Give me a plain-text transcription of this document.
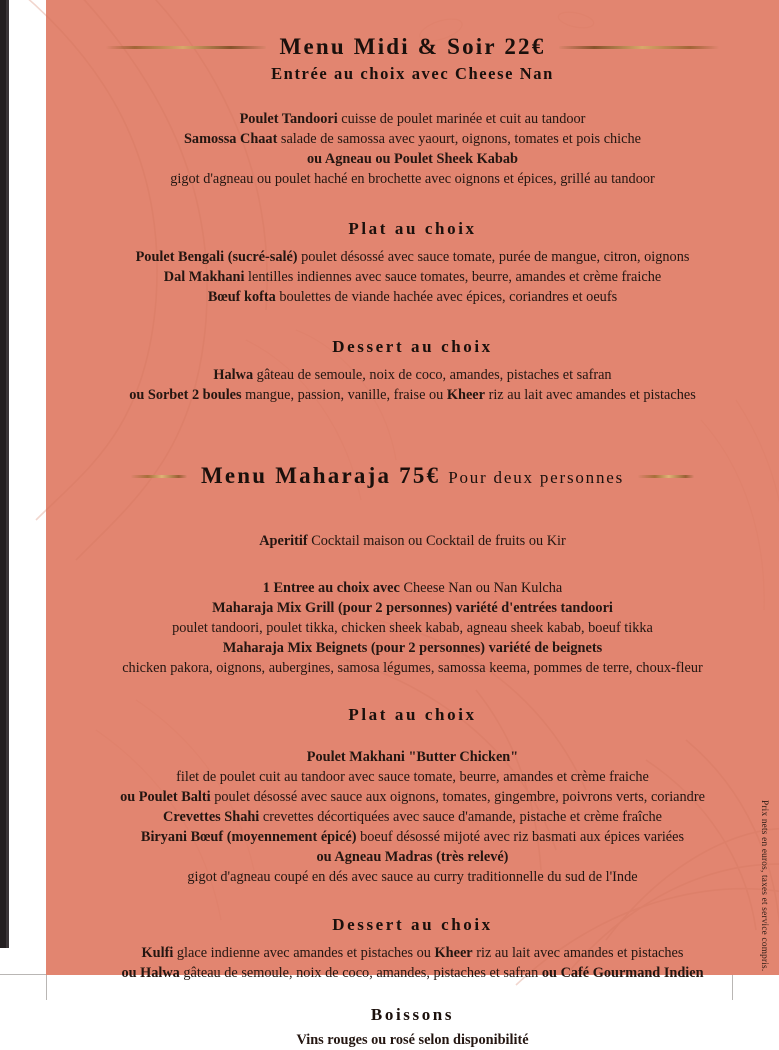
Menu Midi & Soir 22€
Entrée au choix avec Cheese Nan
Poulet Tandoori cuisse de poulet marinée et cuit au tandoor
Samossa Chaat salade de samossa avec yaourt, oignons, tomates et pois chiche
ou Agneau ou Poulet Sheek Kabab
gigot d'agneau ou poulet haché en brochette avec oignons et épices, grillé au tandoor
Plat au choix
Poulet Bengali (sucré-salé) poulet désossé avec sauce tomate, purée de mangue, citron, oignons
Dal Makhani lentilles indiennes avec sauce tomates, beurre, amandes et crème fraiche
Bœuf kofta boulettes de viande hachée avec épices, coriandres et oeufs
Dessert au choix
Halwa gâteau de semoule, noix de coco, amandes, pistaches et safran
ou Sorbet 2 boules mangue, passion, vanille, fraise ou Kheer riz au lait avec amandes et pistaches
Menu Maharaja 75€ Pour deux personnes
Aperitif Cocktail maison ou Cocktail de fruits ou Kir
1 Entree au choix avec Cheese Nan ou Nan Kulcha
Maharaja Mix Grill (pour 2 personnes) variété d'entrées tandoori
poulet tandoori, poulet tikka, chicken sheek kabab, agneau sheek kabab, boeuf tikka
Maharaja Mix Beignets (pour 2 personnes) variété de beignets
chicken pakora, oignons, aubergines, samosa légumes, samossa keema, pommes de terre, choux-fleur
Plat au choix
Poulet Makhani "Butter Chicken"
filet de poulet cuit au tandoor avec sauce tomate, beurre, amandes et crème fraiche
ou Poulet Balti poulet désossé avec sauce aux oignons, tomates, gingembre, poivrons verts, coriandre
Crevettes Shahi crevettes décortiquées avec sauce d'amande, pistache et crème fraîche
Biryani Bœuf (moyennement épicé) boeuf désossé mijoté avec riz basmati aux épices variées
ou Agneau Madras (très relevé)
gigot d'agneau coupé en dés avec sauce au curry traditionnelle du sud de l'Inde
Dessert au choix
Kulfi glace indienne avec amandes et pistaches ou Kheer riz au lait avec amandes et pistaches
ou Halwa gâteau de semoule, noix de coco, amandes, pistaches et safran ou Café Gourmand Indien
Boissons
Vins rouges ou rosé selon disponibilité
Prix nets en euros, taxes et service compris.
